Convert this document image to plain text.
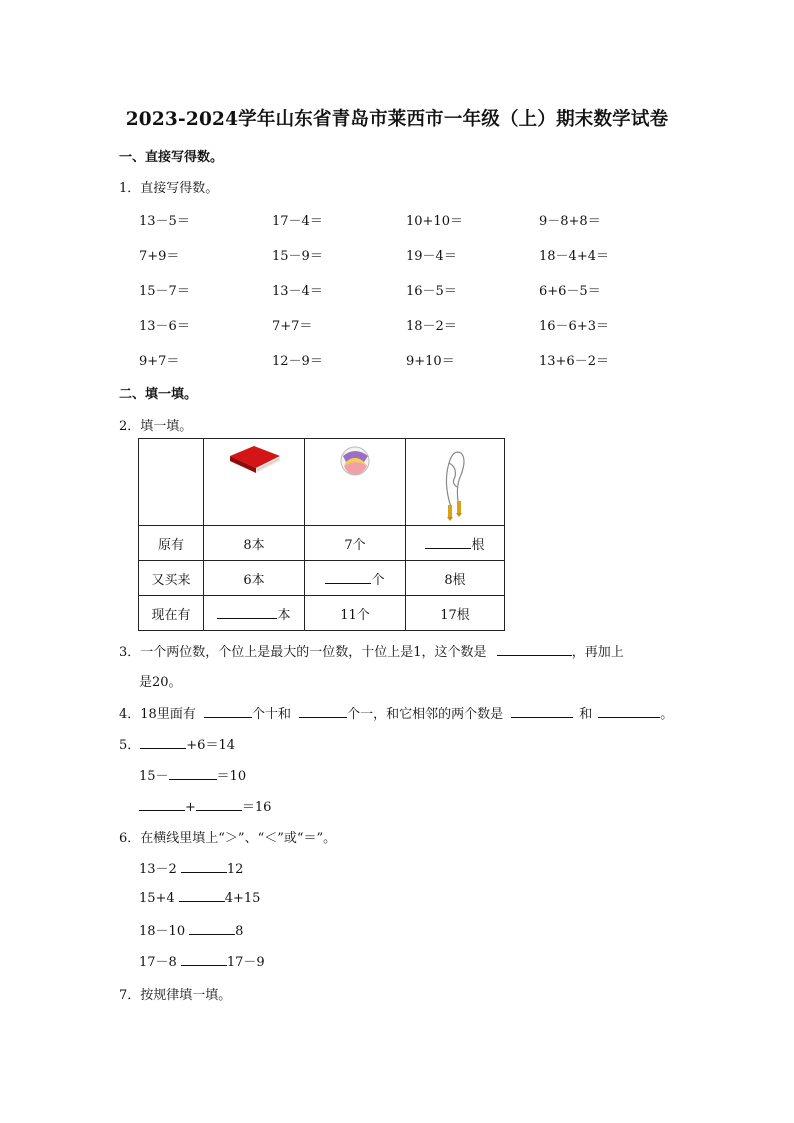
2023-2024学年山东省青岛市莱西市一年级（上）期末数学试卷
一、直接写得数。
1．直接写得数。
13－5＝	17－4＝	10+10＝	9－8+8＝
7+9＝	15－9＝	19－4＝	18－4+4＝
15－7＝	13－4＝	16－5＝	6+6－5＝
13－6＝	7+7＝	18－2＝	16－6+3＝
9+7＝	12－9＝	9+10＝	13+6－2＝
二、填一填。
2．填一填。

原有	8本	7个	根
又买来	6本	个	8根
现在有	本	11个	17根
3．一个两位数，个位上是最大的一位数，十位上是1，这个数是	，再加上
是20。
4．18里面有	个十和	个一，和它相邻的两个数是	和	。
5．	+6＝14
15－	＝10
+	＝16
6．在横线里填上“＞”、“＜”或“＝”。
13－2	12
15+4	4+15
18－10	8
17－8	17－9
7．按规律填一填。
